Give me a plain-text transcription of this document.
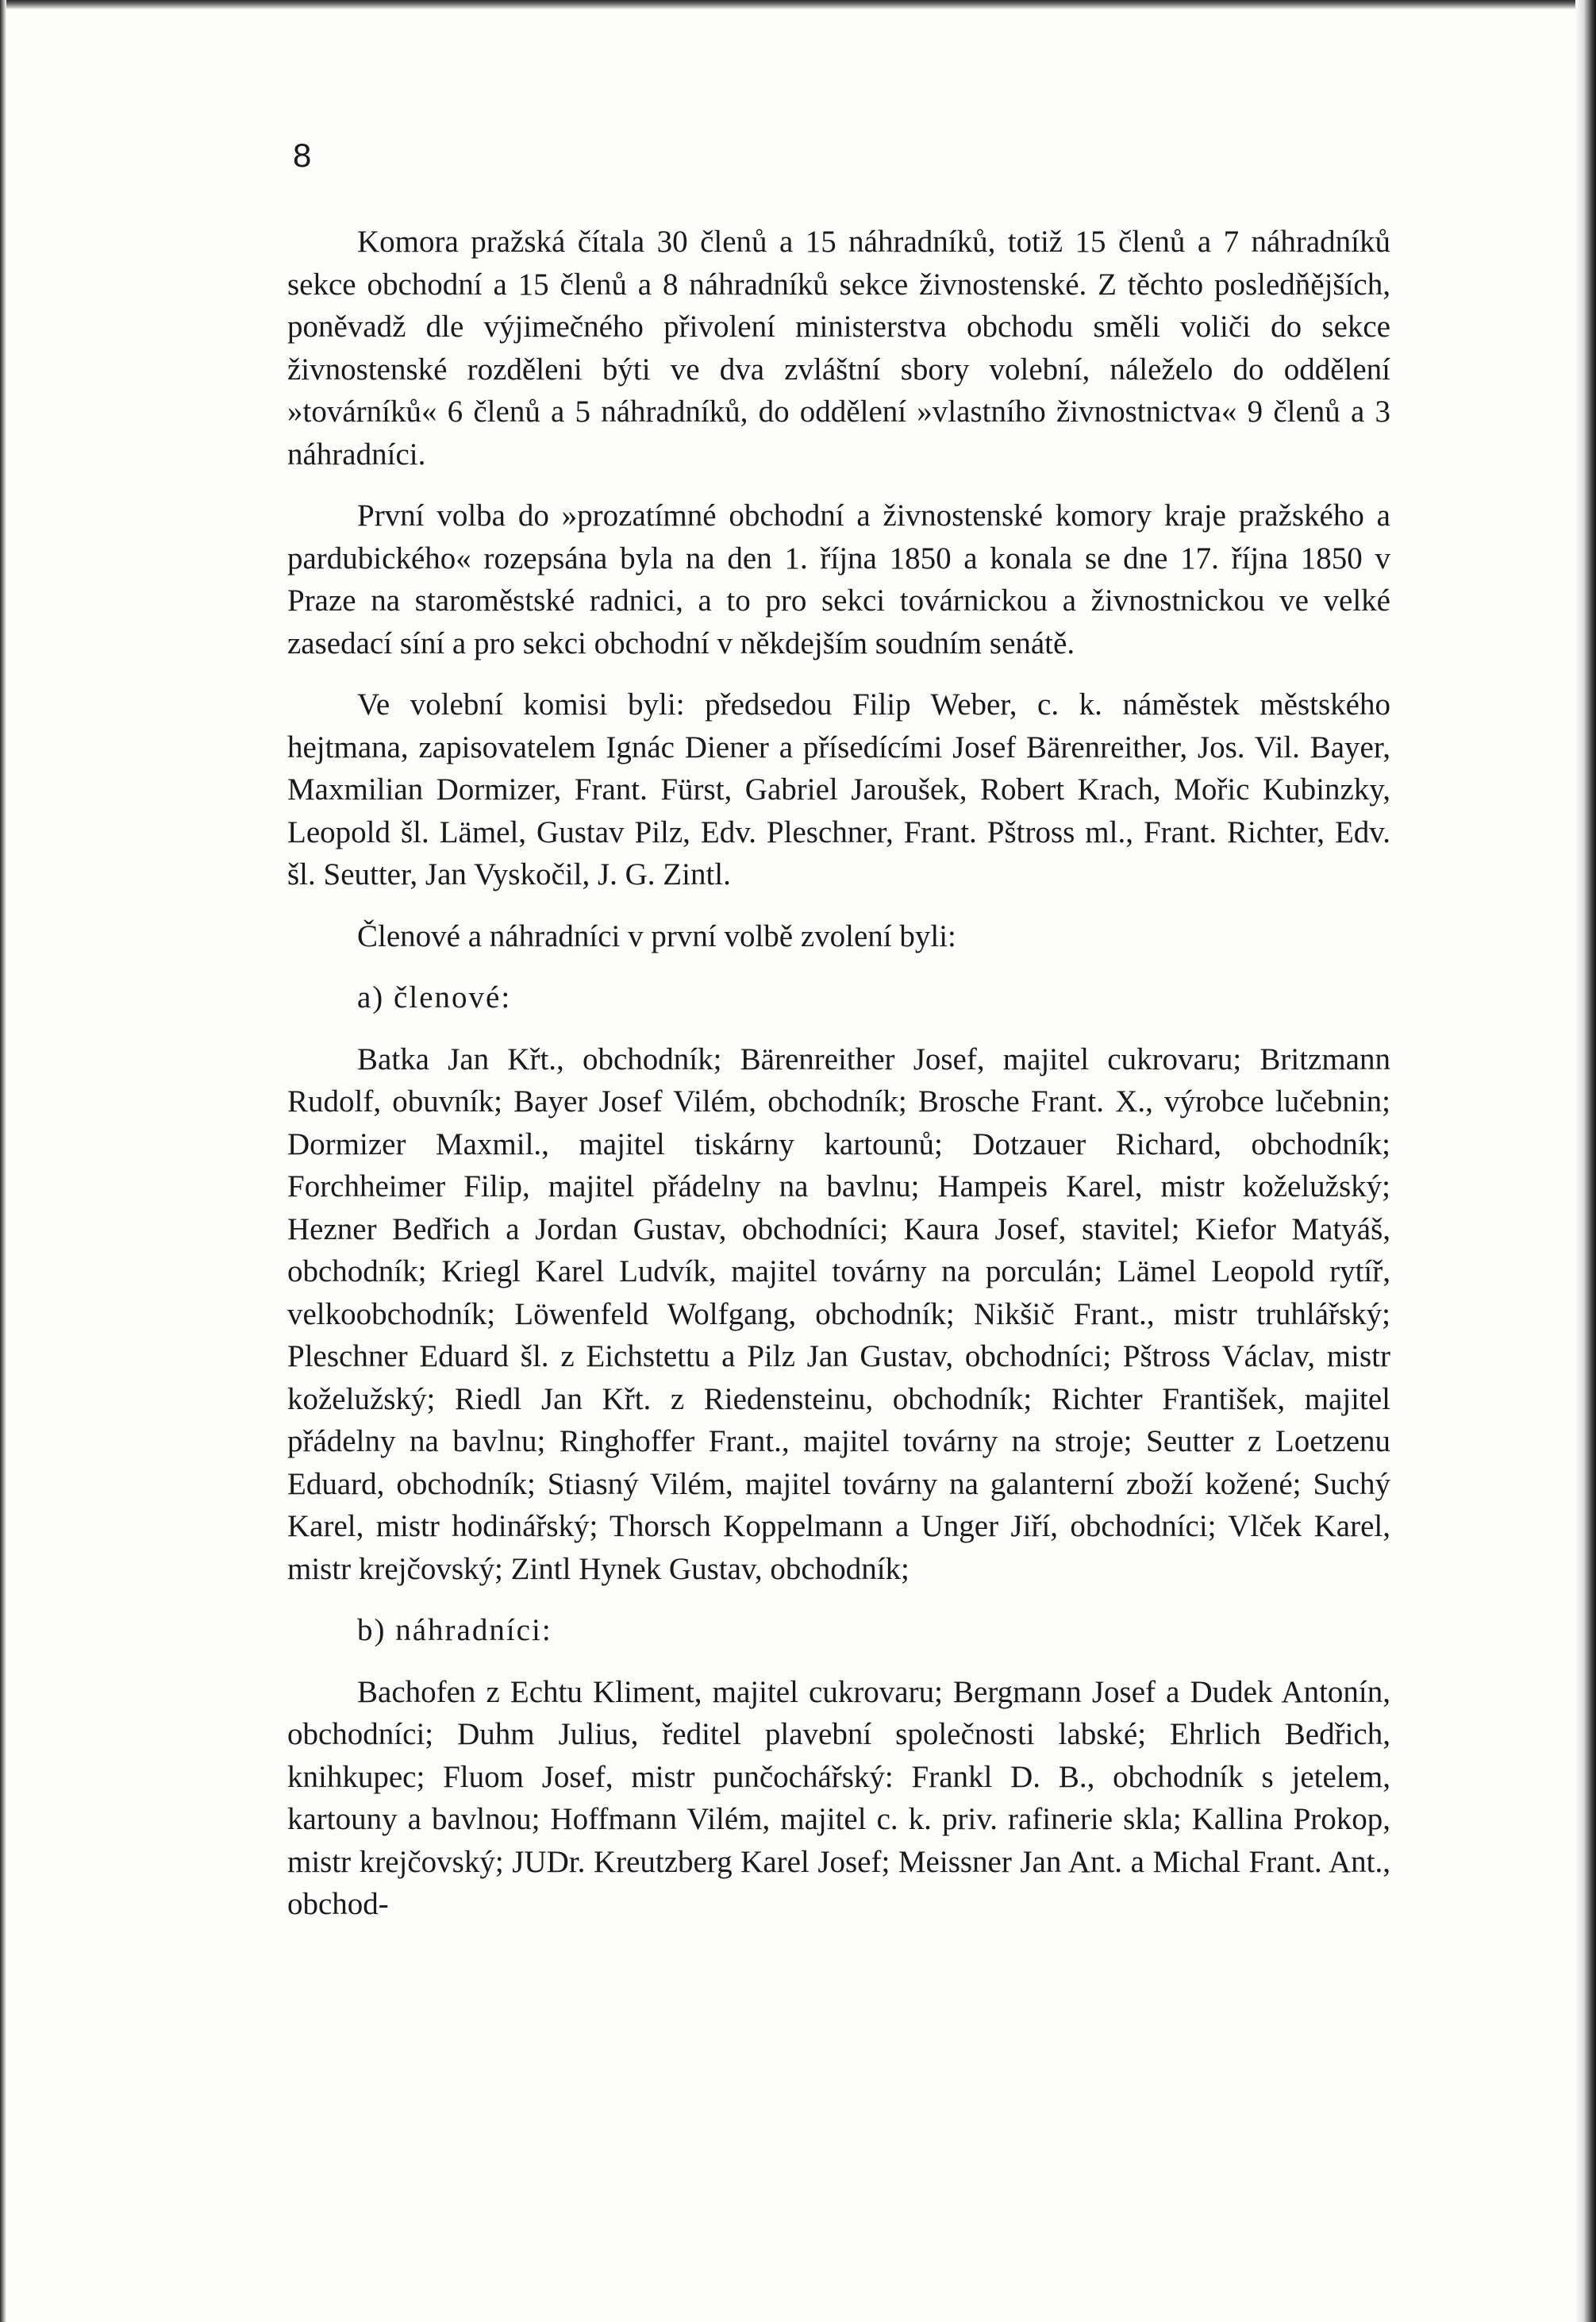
8

Komora pražská čítala 30 členů a 15 náhradníků, totiž 15 členů a 7 náhradníků sekce obchodní a 15 členů a 8 náhradníků sekce živnostenské. Z těchto posledňějších, poněvadž dle výjimečného přivolení ministerstva obchodu směli voliči do sekce živnostenské rozděleni býti ve dva zvláštní sbory volební, náleželo do oddělení »továrníků« 6 členů a 5 náhradníků, do oddělení »vlastního živnostnictva« 9 členů a 3 náhradníci.

První volba do »prozatímné obchodní a živnostenské komory kraje pražského a pardubického« rozepsána byla na den 1. října 1850 a konala se dne 17. října 1850 v Praze na staroměstské radnici, a to pro sekci továrnickou a živnostnickou ve velké zasedací síní a pro sekci obchodní v někdejším soudním senátě.

Ve volební komisi byli: předsedou Filip Weber, c. k. náměstek městského hejtmana, zapisovatelem Ignác Diener a přísedícími Josef Bärenreither, Jos. Vil. Bayer, Maxmilian Dormizer, Frant. Fürst, Gabriel Jaroušek, Robert Krach, Mořic Kubinzky, Leopold šl. Lämel, Gustav Pilz, Edv. Pleschner, Frant. Pštross ml., Frant. Richter, Edv. šl. Seutter, Jan Vyskočil, J. G. Zintl.

Členové a náhradníci v první volbě zvolení byli:

a) členové:

Batka Jan Křt., obchodník; Bärenreither Josef, majitel cukrovaru; Britzmann Rudolf, obuvník; Bayer Josef Vilém, obchodník; Brosche Frant. X., výrobce lučebnin; Dormizer Maxmil., majitel tiskárny kartounů; Dotzauer Richard, obchodník; Forchheimer Filip, majitel přádelny na bavlnu; Hampeis Karel, mistr koželužský; Hezner Bedřich a Jordan Gustav, obchodníci; Kaura Josef, stavitel; Kiefor Matyáš, obchodník; Kriegl Karel Ludvík, majitel továrny na porculán; Lämel Leopold rytíř, velkoobchodník; Löwenfeld Wolfgang, obchodník; Nikšič Frant., mistr truhlářský; Pleschner Eduard šl. z Eichstettu a Pilz Jan Gustav, obchodníci; Pštross Václav, mistr koželužský; Riedl Jan Křt. z Riedensteinu, obchodník; Richter František, majitel přádelny na bavlnu; Ringhoffer Frant., majitel továrny na stroje; Seutter z Loetzenu Eduard, obchodník; Stiasný Vilém, majitel továrny na galanterní zboží kožené; Suchý Karel, mistr hodinářský; Thorsch Koppelmann a Unger Jiří, obchodníci; Vlček Karel, mistr krejčovský; Zintl Hynek Gustav, obchodník;

b) náhradníci:

Bachofen z Echtu Kliment, majitel cukrovaru; Bergmann Josef a Dudek Antonín, obchodníci; Duhm Julius, ředitel plavební společnosti labské; Ehrlich Bedřich, knihkupec; Fluom Josef, mistr punčochářský: Frankl D. B., obchodník s jetelem, kartouny a bavlnou; Hoffmann Vilém, majitel c. k. priv. rafinerie skla; Kallina Prokop, mistr krejčovský; JUDr. Kreutzberg Karel Josef; Meissner Jan Ant. a Michal Frant. Ant., obchod-
